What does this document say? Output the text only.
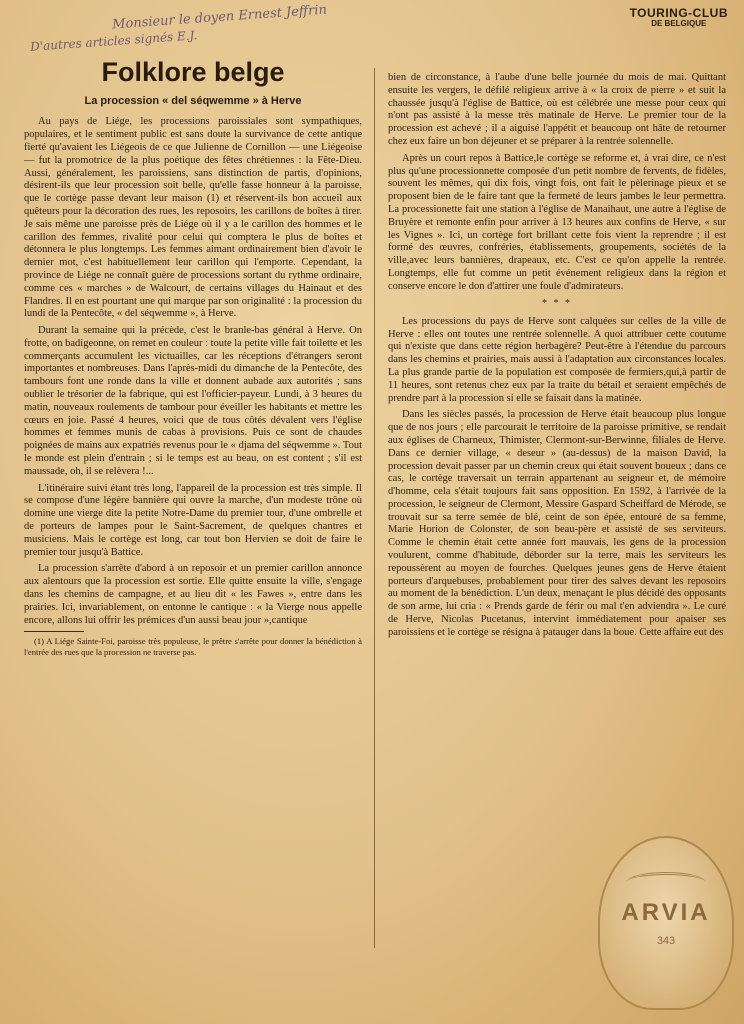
Monsieur le doyen Ernest Jeffrin
D'autres articles signés E.J.
TOURING-CLUB
DE BELGIQUE
Folklore belge
La procession « del séqwemme » à Herve

Au pays de Liége, les processions paroissiales sont sympathiques, populaires, et le sentiment public est sans doute la survivance de cette antique fierté qu'avaient les Liégeois de ce que Julienne de Cornillon — une Liégeoise — fut la promotrice de la plus poétique des fêtes chrétiennes : la Fête-Dieu. Aussi, généralement, les paroissiens, sans distinction de partis, d'opinions, désirent-ils que leur procession soit belle, qu'elle fasse honneur à la paroisse, que le cortège passe devant leur maison (1) et réservent-ils bon accueil aux quêteurs pour la décoration des rues, les reposoirs, les carillons de boîtes à tirer. Je sais même une paroisse près de Liége où il y a le carillon des hommes et le carillon des femmes, rivalité pour celui qui comptera le plus de boîtes et détonnera le plus longtemps. Les femmes aimant ordinairement bien d'avoir le dernier mot, c'est habituellement leur carillon qui l'emporte. Cependant, la province de Liége ne connaît guère de processions sortant du rythme ordinaire, comme ces « marches » de Walcourt, de certains villages du Hainaut et des Flandres. Il en est pourtant une qui marque par son originalité : la procession du lundi de la Pentecôte, « del séqwemme », à Herve.

Durant la semaine qui la précède, c'est le branle-bas général à Herve. On frotte, on badigeonne, on remet en couleur : toute la petite ville fait toilette et les commerçants accumulent les victuailles, car les réceptions d'étrangers seront importantes et nombreuses. Dans l'après-midi du dimanche de la Pentecôte, des tambours font une ronde dans la ville et donnent aubade aux autorités ; sans oublier le trésorier de la fabrique, qui est l'officier-payeur. Lundi, à 3 heures du matin, nouveaux roulements de tambour pour éveiller les habitants et mettre les cœurs en joie. Passé 4 heures, voici que de tous côtés dévalent vers l'église hommes et femmes munis de cabas à provisions. Puis ce sont de chaudes poignées de mains aux expatriés revenus pour le « djama del séqwemme ». Tout le monde est plein d'entrain ; si le temps est au beau, on est content ; s'il est maussade, oh, il se relèvera !...

L'itinéraire suivi étant très long, l'appareil de la procession est très simple. Il se compose d'une légère bannière qui ouvre la marche, d'un modeste trône où domine une vierge dite la petite Notre-Dame du premier tour, d'une ombrelle et de porteurs de lampes pour le Saint-Sacrement, de quelques chantres et musiciens. Mais le cortège est long, car tout bon Hervien se doit de faire le premier tour jusqu'à Battice.

La procession s'arrête d'abord à un reposoir et un premier carillon annonce aux alentours que la procession est sortie. Elle quitte ensuite la ville, s'engage dans les chemins de campagne, et au lieu dit « les Fawes », entre dans les prairies. Ici, invariablement, on entonne le cantique : « la Vierge nous appelle encore, allons lui offrir les prémices d'un aussi beau jour »,cantique

(1) A Liége Sainte-Foi, paroisse très populeuse, le prêtre s'arrête pour donner la bénédiction à l'entrée des rues que la procession ne traverse pas.

bien de circonstance, à l'aube d'une belle journée du mois de mai. Quittant ensuite les vergers, le défilé religieux arrive à « la croix de pierre » et suit la chaussée jusqu'à l'église de Battice, où est célébrée une messe pour ceux qui n'ont pas assisté à la messe très matinale de Herve. Le premier tour de la procession est achevé ; il a aiguisé l'appétit et beaucoup ont hâte de retourner chez eux faire un bon déjeuner et se préparer à la rentrée solennelle.

Après un court repos à Battice,le cortège se reforme et, à vrai dire, ce n'est plus qu'une processionnette composée d'un petit nombre de fervents, de fidèles, souvent les mêmes, qui dix fois, vingt fois, ont fait le pèlerinage pieux et se proposent bien de le faire tant que la fermeté de leurs jambes le leur permettra. La processionette fait une station à l'église de Manaihaut, une autre à l'église de Bruyère et remonte enfin pour arriver à 13 heures aux confins de Herve, « sur les Vignes ». Ici, un cortège fort brillant cette fois vient la reprendre ; il est formé des œuvres, confréries, établissements, groupements, sociétés de la ville,avec leurs bannières, drapeaux, etc. C'est ce qu'on appelle la rentrée. Longtemps, elle fut comme un petit événement religieux dans la région et conserve encore le don d'attirer une foule d'admirateurs.

* * *

Les processions du pays de Herve sont calquées sur celles de la ville de Herve : elles ont toutes une rentrée solennelle. A quoi attribuer cette coutume qui n'existe que dans cette région herbagère? Peut-être à l'étendue du parcours dans les chemins et prairies, mais aussi à l'adaptation aux circonstances locales. La plus grande partie de la population est composée de fermiers,qui,à partir de 11 heures, sont retenus chez eux par la traite du bétail et seraient empêchés de prendre part à la procession si elle se faisait dans la matinée.

Dans les siècles passés, la procession de Herve était beaucoup plus longue que de nos jours ; elle parcourait le territoire de la paroisse primitive, se rendait aux églises de Charneux, Thimister, Clermont-sur-Berwinne, filiales de Herve. Dans ce dernier village, « deseur » (au-dessus) de la maison David, la procession devait passer par un chemin creux qui était souvent boueux ; dans ce cas, le cortège traversait un terrain appartenant au seigneur et, de mémoire d'homme, cela s'était toujours fait sans opposition. En 1592, à l'arrivée de la procession, le seigneur de Clermont, Messire Gaspard Scheiffard de Mérode, se trouvait sur sa terre semée de blé, ceint de son épée, entouré de sa femme, Marie Horion de Colonster, de son beau-père et assisté de ses serviteurs. Comme le chemin était cette année fort mauvais, les gens de la procession voulurent, comme d'habitude, déborder sur la terre, mais les serviteurs les repoussèrent au moyen de fourches. Quelques jeunes gens de Herve étaient porteurs d'arquebuses, probablement pour tirer des salves devant les reposoirs au moment de la bénédiction. L'un deux, menaçant le plus décidé des opposants de son arme, lui cria : « Prends garde de férir ou mal t'en adviendra ». Le curé de Herve, Nicolas Pucetanus, intervint immédiatement pour apaiser ses paroissiens et le cortège se résigna à patauger dans la boue. Cette affaire eut des

ARVIA
343
